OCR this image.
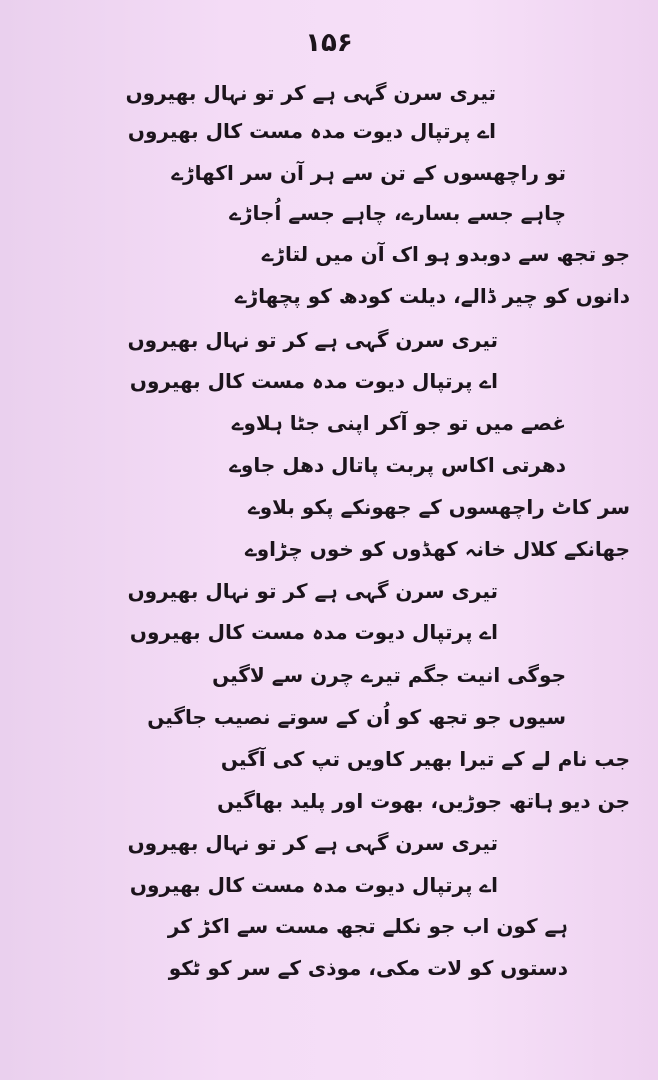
۱۵۶
تیری سرن گہی ہے کر تو نہال بھیروں
اے پرتپال دیوت مدہ مست کال بھیروں
تو راچھسوں کے تن سے ہر آن سر اکھاڑے
چاہے جسے بسارے، چاہے جسے اُجاڑے
جو تجھ سے دوبدو ہو اک آن میں لتاڑے
دانوں کو چیر ڈالے، دیلت کودھ کو پچھاڑے
تیری سرن گہی ہے کر تو نہال بھیروں
اے پرتپال دیوت مدہ مست کال بھیروں
غصے میں تو جو آکر اپنی جٹا ہلاوے
دھرتی اکاس پربت پاتال دھل جاوے
سر کاٹ راچھسوں کے جھونکے پکو بلاوے
جھانکے کلال خانہ کھڈوں کو خوں چڑاوے
تیری سرن گہی ہے کر تو نہال بھیروں
اے پرتپال دیوت مدہ مست کال بھیروں
جوگی انیت جگم تیرے چرن سے لاگیں
سیوں جو تجھ کو اُن کے سوتے نصیب جاگیں
جب نام لے کے تیرا بھیر کاویں تپ کی آگیں
جن دیو ہاتھ جوڑیں، بھوت اور پلید بھاگیں
تیری سرن گہی ہے کر تو نہال بھیروں
اے پرتپال دیوت مدہ مست کال بھیروں
ہے کون اب جو نکلے تجھ مست سے اکڑ کر
دستوں کو لات مکی، موذی کے سر کو ٹکو
